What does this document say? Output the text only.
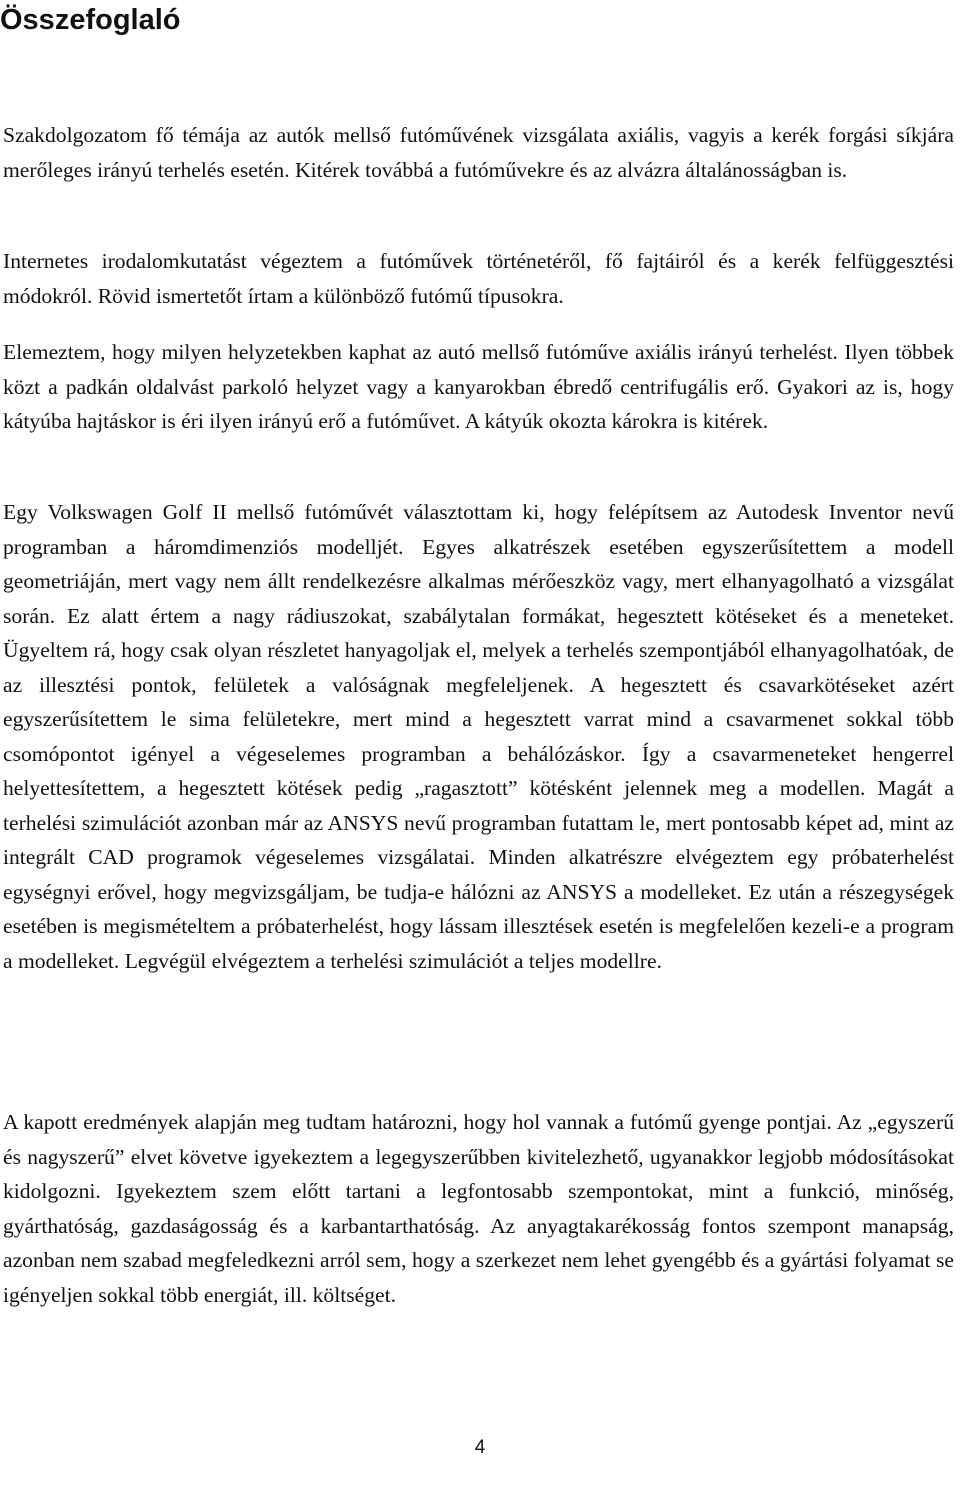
Összefoglaló

Szakdolgozatom fő témája az autók mellső futóművének vizsgálata axiális, vagyis a kerék forgási síkjára merőleges irányú terhelés esetén. Kitérek továbbá a futóművekre és az alvázra általánosságban is.

Internetes irodalomkutatást végeztem a futóművek történetéről, fő fajtáiról és a kerék felfüggesztési módokról. Rövid ismertetőt írtam a különböző futómű típusokra.

Elemeztem, hogy milyen helyzetekben kaphat az autó mellső futóműve axiális irányú terhelést. Ilyen többek közt a padkán oldalvást parkoló helyzet vagy a kanyarokban ébredő centrifugális erő. Gyakori az is, hogy kátyúba hajtáskor is éri ilyen irányú erő a futóművet. A kátyúk okozta károkra is kitérek.

Egy Volkswagen Golf II mellső futóművét választottam ki, hogy felépítsem az Autodesk Inventor nevű programban a háromdimenziós modelljét. Egyes alkatrészek esetében egyszerűsítettem a modell geometriáján, mert vagy nem állt rendelkezésre alkalmas mérőeszköz vagy, mert elhanyagolható a vizsgálat során. Ez alatt értem a nagy rádiuszokat, szabálytalan formákat, hegesztett kötéseket és a meneteket. Ügyeltem rá, hogy csak olyan részletet hanyagoljak el, melyek a terhelés szempontjából elhanyagolhatóak, de az illesztési pontok, felületek a valóságnak megfeleljenek. A hegesztett és csavarkötéseket azért egyszerűsítettem le sima felületekre, mert mind a hegesztett varrat mind a csavarmenet sokkal több csomópontot igényel a végeselemes programban a behálózáskor. Így a csavarmeneteket hengerrel helyettesítettem, a hegesztett kötések pedig „ragasztott” kötésként jelennek meg a modellen. Magát a terhelési szimulációt azonban már az ANSYS nevű programban futattam le, mert pontosabb képet ad, mint az integrált CAD programok végeselemes vizsgálatai. Minden alkatrészre elvégeztem egy próbaterhelést egységnyi erővel, hogy megvizsgáljam, be tudja-e hálózni az ANSYS a modelleket. Ez után a részegységek esetében is megismételtem a próbaterhelést, hogy lássam illesztések esetén is megfelelően kezeli-e a program a modelleket. Legvégül elvégeztem a terhelési szimulációt a teljes modellre.

A kapott eredmények alapján meg tudtam határozni, hogy hol vannak a futómű gyenge pontjai. Az „egyszerű és nagyszerű” elvet követve igyekeztem a legegyszerűbben kivitelezhető, ugyanakkor legjobb módosításokat kidolgozni. Igyekeztem szem előtt tartani a legfontosabb szempontokat, mint a funkció, minőség, gyárthatóság, gazdaságosság és a karbantarthatóság. Az anyagtakarékosság fontos szempont manapság, azonban nem szabad megfeledkezni arról sem, hogy a szerkezet nem lehet gyengébb és a gyártási folyamat se igényeljen sokkal több energiát, ill. költséget.

4
